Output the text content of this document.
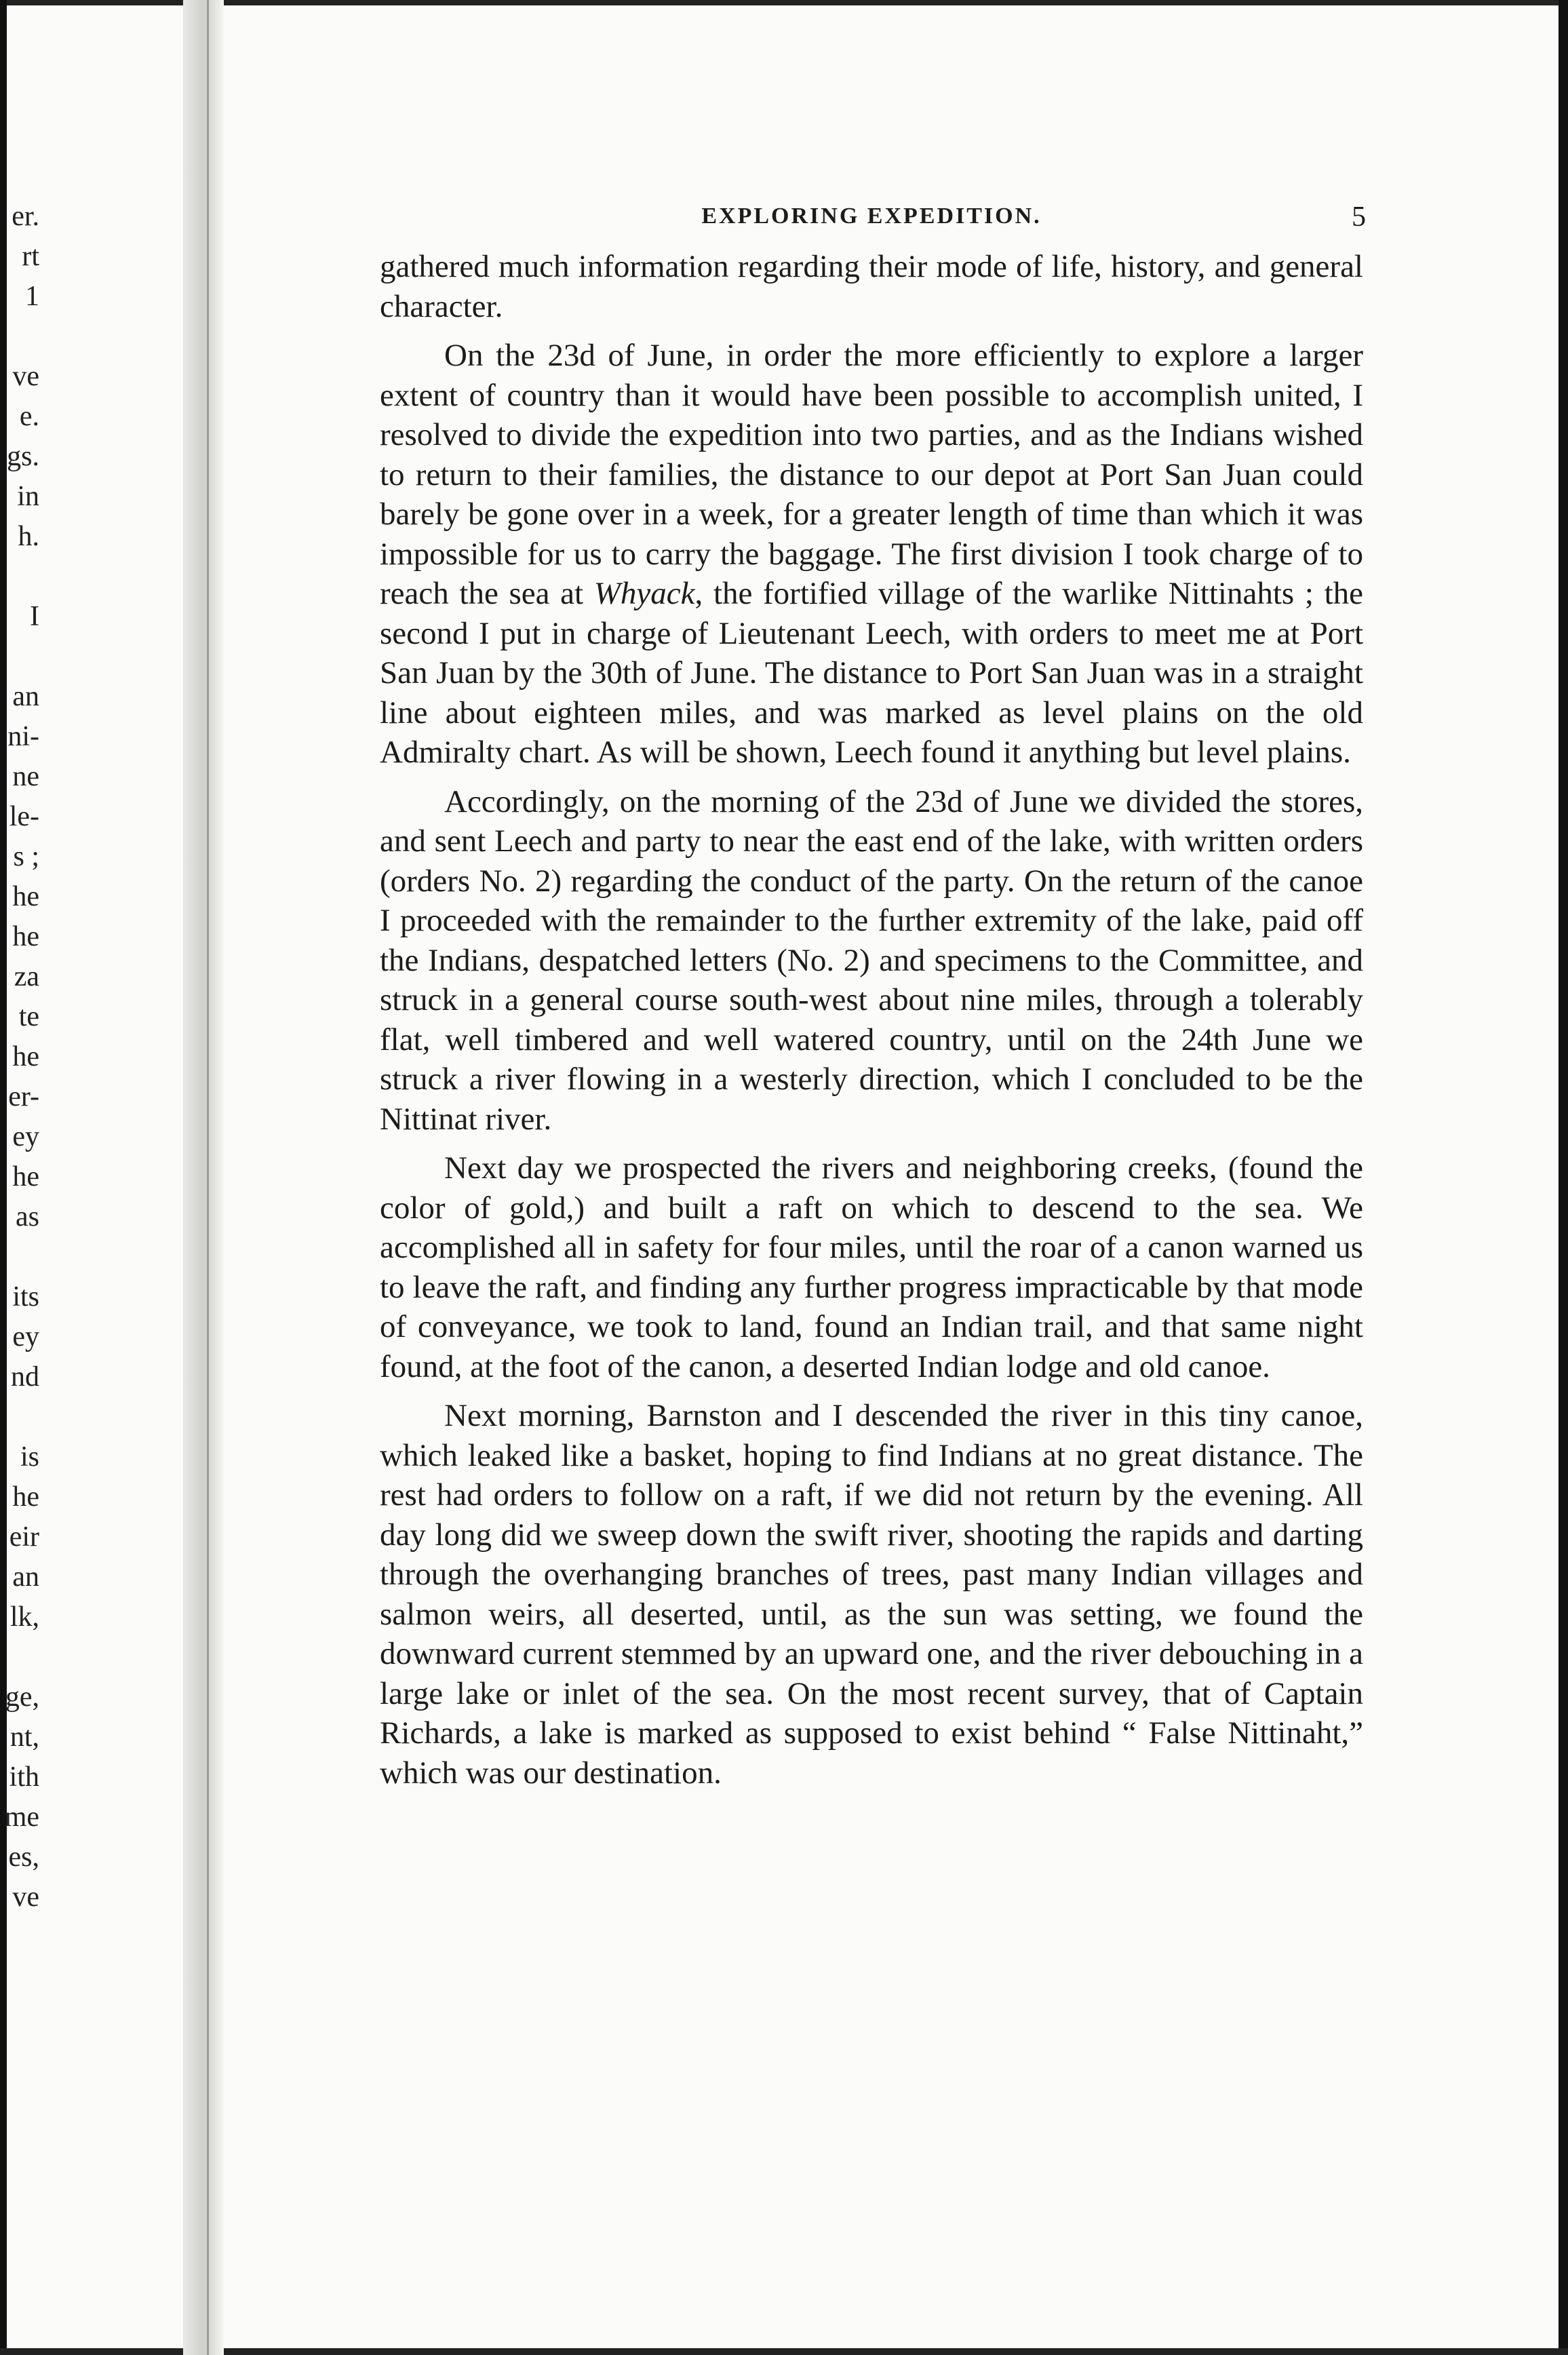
er.
rt
1
ve
e.
gs.
in
h.
I
an
ni-
ne
le-
s ;
he
he
za
te
he
er-
ey
he
as
its
ey
nd
is
he
eir
an
lk,
ge,
nt,
ith
me
es,
ve
EXPLORING EXPEDITION.	5

gathered much information regarding their mode of life, history, and general character.

On the 23d of June, in order the more efficiently to explore a larger extent of country than it would have been possible to accomplish united, I resolved to divide the expedition into two parties, and as the Indians wished to return to their families, the distance to our depot at Port San Juan could barely be gone over in a week, for a greater length of time than which it was impossible for us to carry the baggage. The first division I took charge of to reach the sea at Whyack, the fortified village of the warlike Nittinahts ; the second I put in charge of Lieutenant Leech, with orders to meet me at Port San Juan by the 30th of June. The distance to Port San Juan was in a straight line about eighteen miles, and was marked as level plains on the old Admiralty chart. As will be shown, Leech found it anything but level plains.

Accordingly, on the morning of the 23d of June we divided the stores, and sent Leech and party to near the east end of the lake, with written orders (orders No. 2) regarding the conduct of the party. On the return of the canoe I proceeded with the remainder to the further extremity of the lake, paid off the Indians, despatched letters (No. 2) and specimens to the Committee, and struck in a general course south-west about nine miles, through a tolerably flat, well timbered and well watered country, until on the 24th June we struck a river flowing in a westerly direction, which I concluded to be the Nittinat river.

Next day we prospected the rivers and neighboring creeks, (found the color of gold,) and built a raft on which to descend to the sea. We accomplished all in safety for four miles, until the roar of a canon warned us to leave the raft, and finding any further progress impracticable by that mode of conveyance, we took to land, found an Indian trail, and that same night found, at the foot of the canon, a deserted Indian lodge and old canoe.

Next morning, Barnston and I descended the river in this tiny canoe, which leaked like a basket, hoping to find Indians at no great distance. The rest had orders to follow on a raft, if we did not return by the evening. All day long did we sweep down the swift river, shooting the rapids and darting through the overhanging branches of trees, past many Indian villages and salmon weirs, all deserted, until, as the sun was setting, we found the downward current stemmed by an upward one, and the river debouching in a large lake or inlet of the sea. On the most recent survey, that of Captain Richards, a lake is marked as supposed to exist behind “ False Nittinaht,” which was our destination.
